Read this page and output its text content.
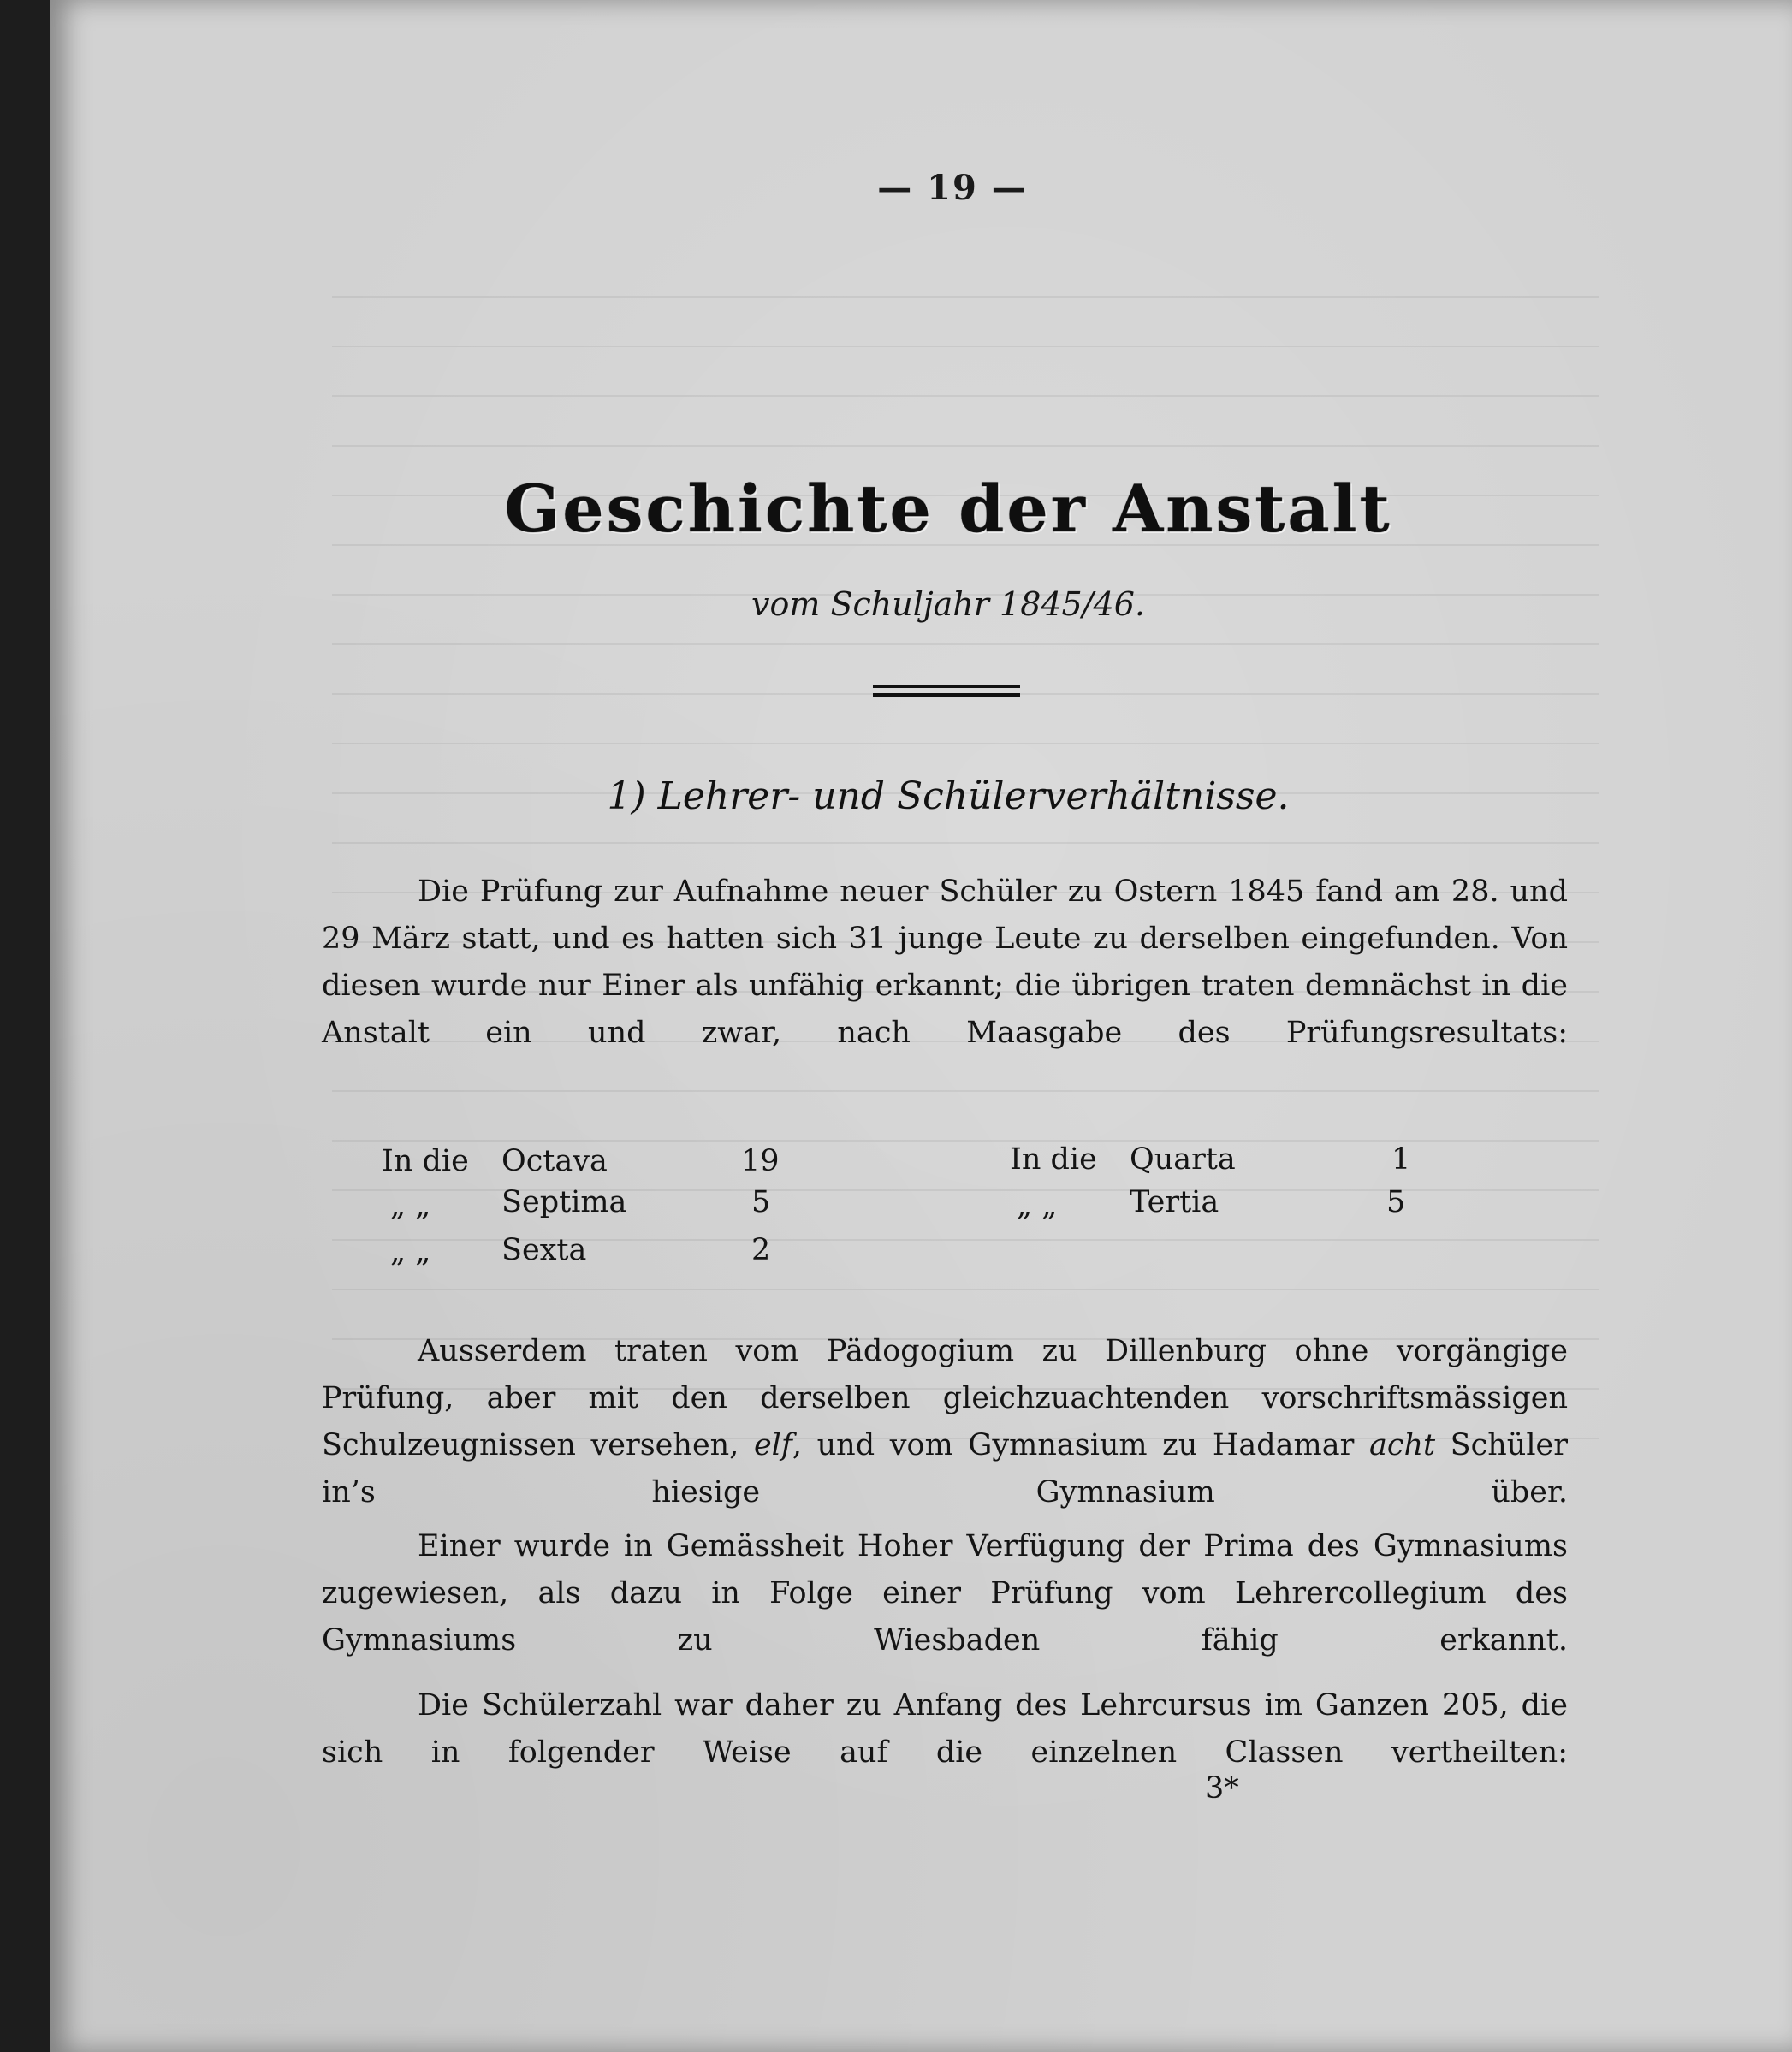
— 19 —
Geschichte der Anstalt
vom Schuljahr 1845/46.
1) Lehrer- und Schülerverhältnisse.
Die Prüfung zur Aufnahme neuer Schüler zu Ostern 1845 fand am 28. und 29 März statt, und es hatten sich 31 junge Leute zu derselben eingefunden. Von diesen wurde nur Einer als unfähig erkannt; die übrigen traten demnächst in die Anstalt ein und zwar, nach Maasgabe des Prüfungsresultats:
In die Octava	19
„ „ Septima	5
„ „ Sexta	2
In die Quarta	1
„ „ Tertia	5
Ausserdem traten vom Pädogogium zu Dillenburg ohne vorgängige Prüfung, aber mit den derselben gleichzuachtenden vorschriftsmässigen Schulzeugnissen versehen, elf, und vom Gymnasium zu Hadamar acht Schüler in’s hiesige Gymnasium über.
Einer wurde in Gemässheit Hoher Verfügung der Prima des Gymnasiums zugewiesen, als dazu in Folge einer Prüfung vom Lehrercollegium des Gymnasiums zu Wiesbaden fähig erkannt.
Die Schülerzahl war daher zu Anfang des Lehrcursus im Ganzen 205, die sich in folgender Weise auf die einzelnen Classen vertheilten:
3*
